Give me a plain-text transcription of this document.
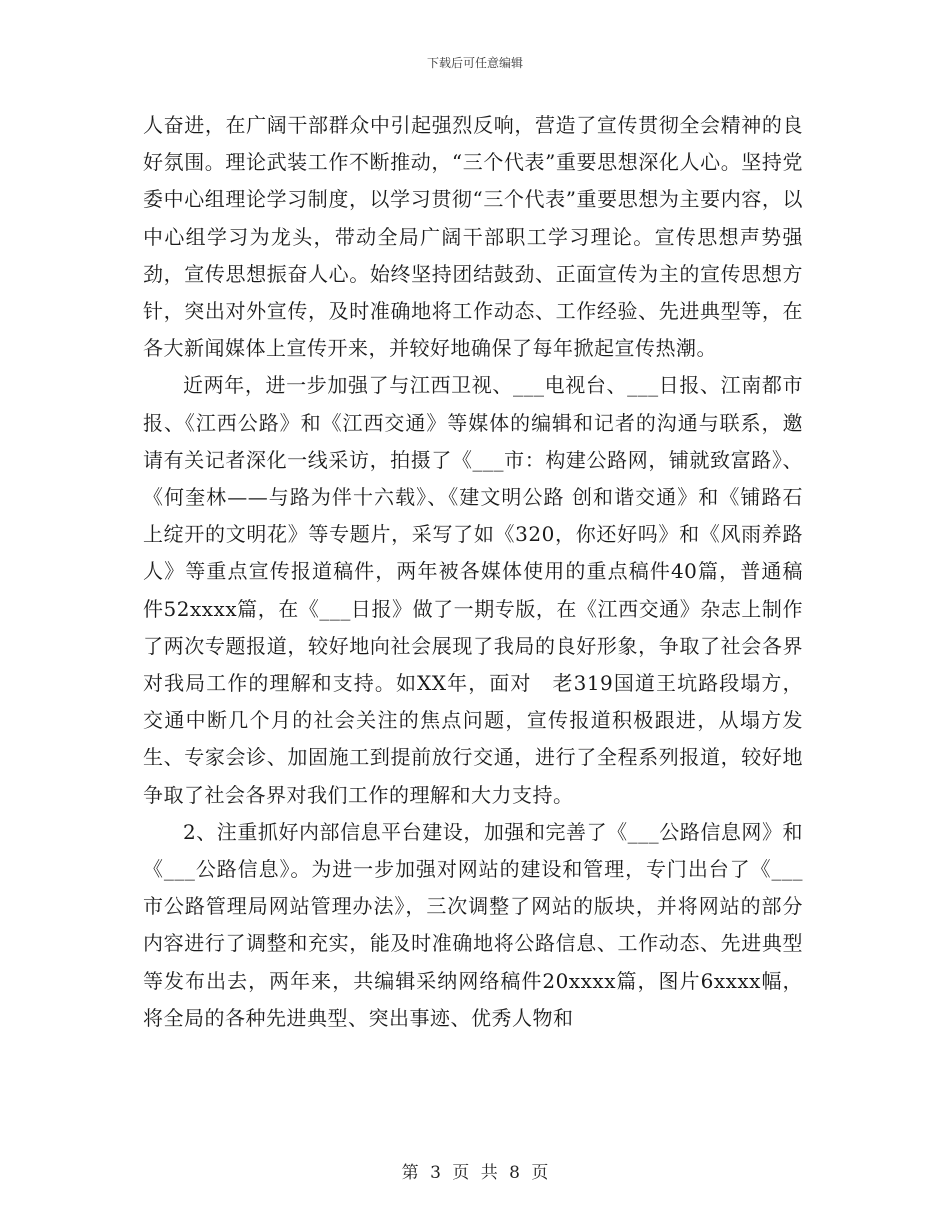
下载后可任意编辑

人奋进，在广阔干部群众中引起强烈反响，营造了宣传贯彻全会精神的良好氛围。理论武装工作不断推动，“三个代表”重要思想深化人心。坚持党委中心组理论学习制度，以学习贯彻“三个代表”重要思想为主要内容，以中心组学习为龙头，带动全局广阔干部职工学习理论。宣传思想声势强劲，宣传思想振奋人心。始终坚持团结鼓劲、正面宣传为主的宣传思想方针，突出对外宣传，及时准确地将工作动态、工作经验、先进典型等，在各大新闻媒体上宣传开来，并较好地确保了每年掀起宣传热潮。

近两年，进一步加强了与江西卫视、___电视台、___日报、江南都市报、《江西公路》和《江西交通》等媒体的编辑和记者的沟通与联系，邀请有关记者深化一线采访，拍摄了《___市：构建公路网，铺就致富路》、《何奎林——与路为伴十六载》、《建文明公路 创和谐交通》和《铺路石上绽开的文明花》等专题片，采写了如《320，你还好吗》和《风雨养路人》等重点宣传报道稿件，两年被各媒体使用的重点稿件40篇，普通稿件52xxxx篇，在《___日报》做了一期专版，在《江西交通》杂志上制作了两次专题报道，较好地向社会展现了我局的良好形象，争取了社会各界对我局工作的理解和支持。如XX年，面对　老319国道王坑路段塌方，交通中断几个月的社会关注的焦点问题，宣传报道积极跟进，从塌方发生、专家会诊、加固施工到提前放行交通，进行了全程系列报道，较好地争取了社会各界对我们工作的理解和大力支持。

2、注重抓好内部信息平台建设，加强和完善了《___公路信息网》和《___公路信息》。为进一步加强对网站的建设和管理，专门出台了《___市公路管理局网站管理办法》，三次调整了网站的版块，并将网站的部分内容进行了调整和充实，能及时准确地将公路信息、工作动态、先进典型等发布出去，两年来，共编辑采纳网络稿件20xxxx篇，图片6xxxx幅，将全局的各种先进典型、突出事迹、优秀人物和

第 3 页 共 8 页
